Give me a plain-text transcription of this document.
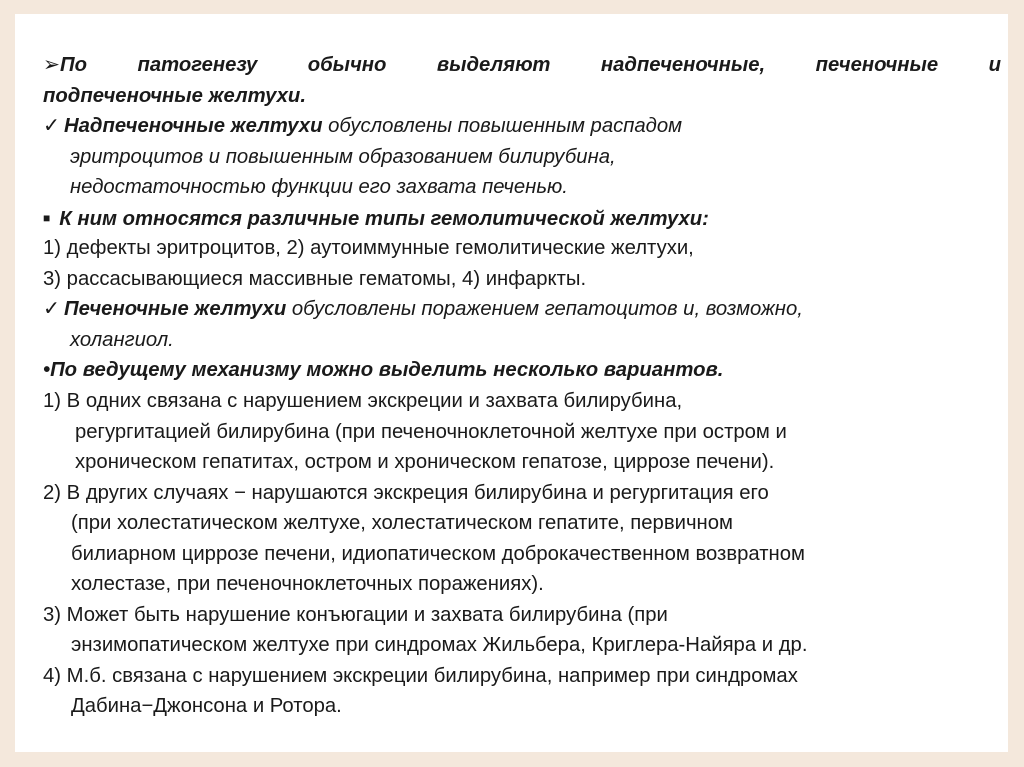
➢По патогенезу обычно выделяют надпеченочные, печеночные и
подпеченочные желтухи.
✓ Надпеченочные желтухи обусловлены повышенным распадом
эритроцитов и повышенным образованием билирубина,
недостаточностью функции его захвата печенью.
■ К ним относятся различные типы гемолитической желтухи:
1) дефекты эритроцитов, 2) аутоиммунные гемолитические желтухи,
3) рассасывающиеся массивные гематомы, 4) инфаркты.
✓ Печеночные желтухи обусловлены поражением гепатоцитов и, возможно,
холангиол.
•По ведущему механизму можно выделить несколько вариантов.
1) В одних связана с нарушением экскреции и захвата билирубина,
регургитацией билирубина (при печеночноклеточной желтухе при остром и
хроническом гепатитах, остром и хроническом гепатозе, циррозе печени).
2) В других случаях − нарушаются экскреция билирубина и регургитация его
(при холестатическом желтухе, холестатическом гепатите, первичном
билиарном циррозе печени, идиопатическом доброкачественном возвратном
холестазе, при печеночноклеточных поражениях).
3) Может быть нарушение конъюгации и захвата билирубина (при
энзимопатическом желтухе при синдромах Жильбера, Криглера-Найяра и др.
4) М.б. связана с нарушением экскреции билирубина, например при синдромах
Дабина−Джонсона и Ротора.
